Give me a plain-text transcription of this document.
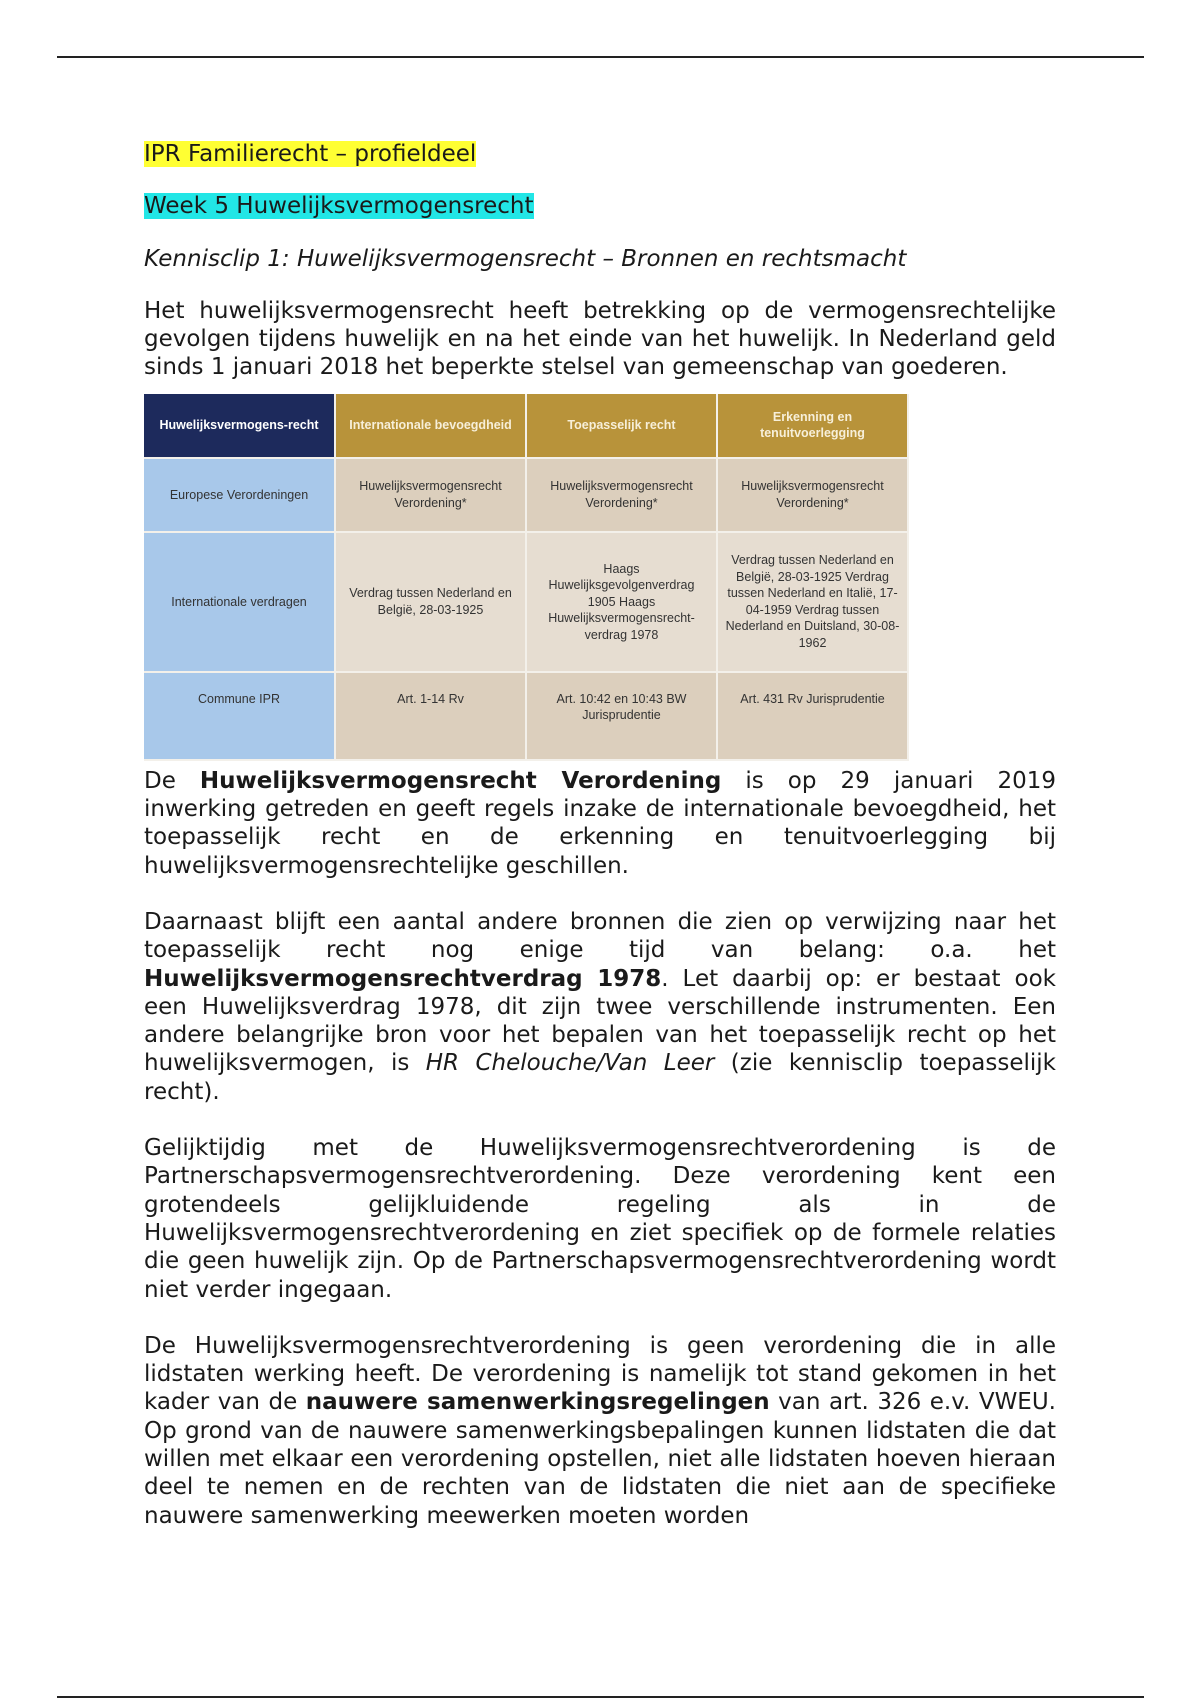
IPR Familierecht – profieldeel
Week 5 Huwelijksvermogensrecht
Kennisclip 1: Huwelijksvermogensrecht – Bronnen en rechtsmacht

Het huwelijksvermogensrecht heeft betrekking op de vermogensrechtelijke gevolgen tijdens huwelijk en na het einde van het huwelijk. In Nederland geld sinds 1 januari 2018 het beperkte stelsel van gemeenschap van goederen.

Huwelijksvermogens-recht	Internationale bevoegdheid	Toepasselijk recht	Erkenning en tenuitvoerlegging
Europese Verordeningen	Huwelijksvermogensrecht Verordening*	Huwelijksvermogensrecht Verordening*	Huwelijksvermogensrecht Verordening*
Internationale verdragen	Verdrag tussen Nederland en België, 28-03-1925	Haags Huwelijksgevolgenverdrag 1905 Haags Huwelijksvermogensrecht-verdrag 1978	Verdrag tussen Nederland en België, 28-03-1925 Verdrag tussen Nederland en Italië, 17-04-1959 Verdrag tussen Nederland en Duitsland, 30-08-1962
Commune IPR	Art. 1-14 Rv	Art. 10:42 en 10:43 BW Jurisprudentie	Art. 431 Rv Jurisprudentie

De Huwelijksvermogensrecht Verordening is op 29 januari 2019 inwerking getreden en geeft regels inzake de internationale bevoegdheid, het toepasselijk recht en de erkenning en tenuitvoerlegging bij huwelijksvermogensrechtelijke geschillen.

Daarnaast blijft een aantal andere bronnen die zien op verwijzing naar het toepasselijk recht nog enige tijd van belang: o.a. het Huwelijksvermogensrechtverdrag 1978. Let daarbij op: er bestaat ook een Huwelijksverdrag 1978, dit zijn twee verschillende instrumenten. Een andere belangrijke bron voor het bepalen van het toepasselijk recht op het huwelijksvermogen, is HR Chelouche/Van Leer (zie kennisclip toepasselijk recht).

Gelijktijdig met de Huwelijksvermogensrechtverordening is de Partnerschapsvermogensrechtverordening. Deze verordening kent een grotendeels gelijkluidende regeling als in de Huwelijksvermogensrechtverordening en ziet specifiek op de formele relaties die geen huwelijk zijn. Op de Partnerschapsvermogensrechtverordening wordt niet verder ingegaan.

De Huwelijksvermogensrechtverordening is geen verordening die in alle lidstaten werking heeft. De verordening is namelijk tot stand gekomen in het kader van de nauwere samenwerkingsregelingen van art. 326 e.v. VWEU. Op grond van de nauwere samenwerkingsbepalingen kunnen lidstaten die dat willen met elkaar een verordening opstellen, niet alle lidstaten hoeven hieraan deel te nemen en de rechten van de lidstaten die niet aan de specifieke nauwere samenwerking meewerken moeten worden
